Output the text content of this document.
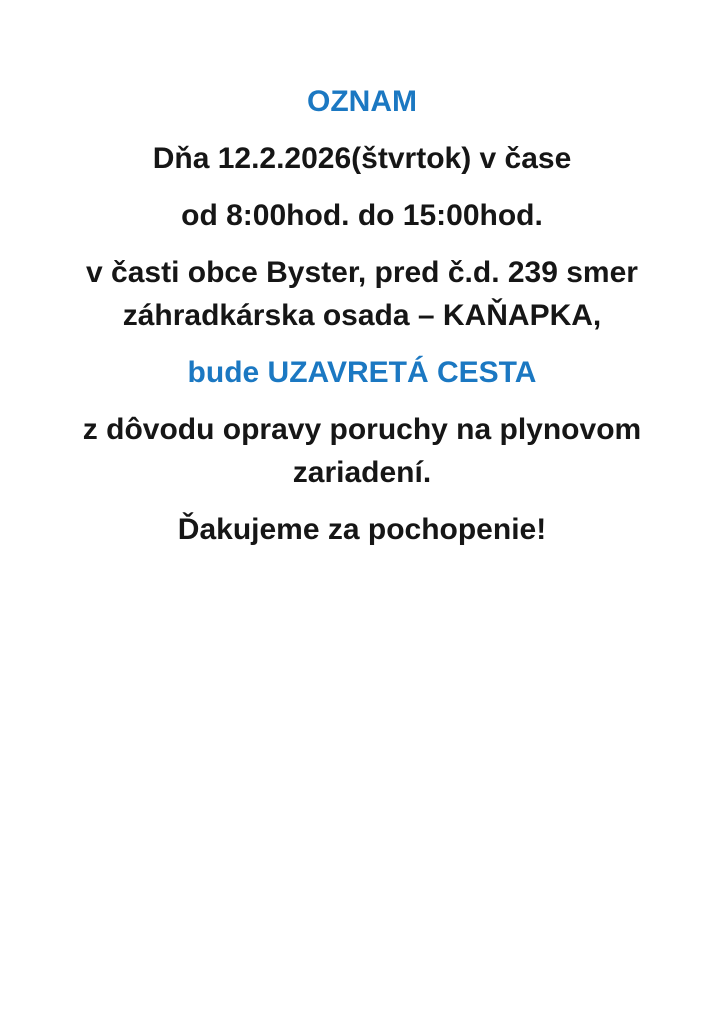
OZNAM
Dňa 12.2.2026(štvrtok) v čase
od 8:00hod. do 15:00hod.
v časti obce Byster, pred č.d. 239 smer
záhradkárska osada – KAŇAPKA,
bude UZAVRETÁ CESTA
z dôvodu opravy poruchy na plynovom
zariadení.
Ďakujeme za pochopenie!
